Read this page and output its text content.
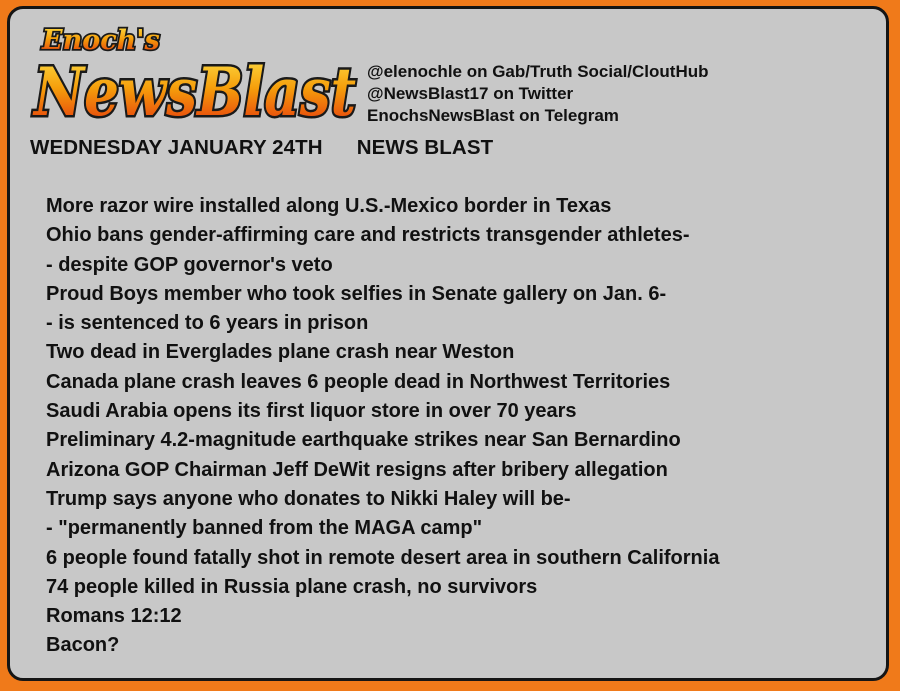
Enoch's
NewsBlast @elenochle on Gab/Truth Social/CloutHub
@NewsBlast17 on Twitter
EnochsNewsBlast on Telegram
WEDNESDAY JANUARY 24TH NEWS BLAST
More razor wire installed along U.S.-Mexico border in Texas
Ohio bans gender-affirming care and restricts transgender athletes-
- despite GOP governor's veto
Proud Boys member who took selfies in Senate gallery on Jan. 6-
- is sentenced to 6 years in prison
Two dead in Everglades plane crash near Weston
Canada plane crash leaves 6 people dead in Northwest Territories
Saudi Arabia opens its first liquor store in over 70 years
Preliminary 4.2-magnitude earthquake strikes near San Bernardino
Arizona GOP Chairman Jeff DeWit resigns after bribery allegation
Trump says anyone who donates to Nikki Haley will be-
- "permanently banned from the MAGA camp"
6 people found fatally shot in remote desert area in southern California
74 people killed in Russia plane crash, no survivors
Romans 12:12
Bacon?
